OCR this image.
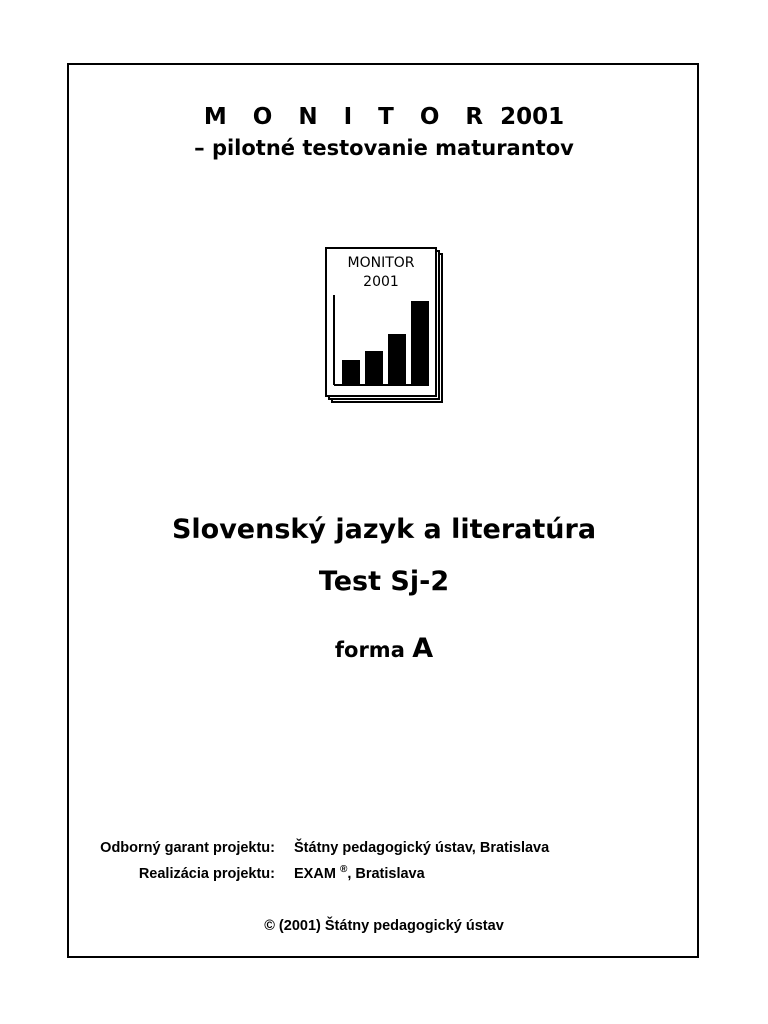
M O N I T O R 2001
– pilotné testovanie maturantov
MONITOR
2001
Slovenský jazyk a literatúra
Test Sj-2
forma A
Odborný garant projektu: Štátny pedagogický ústav, Bratislava
Realizácia projektu: EXAM ®, Bratislava
© (2001) Štátny pedagogický ústav
